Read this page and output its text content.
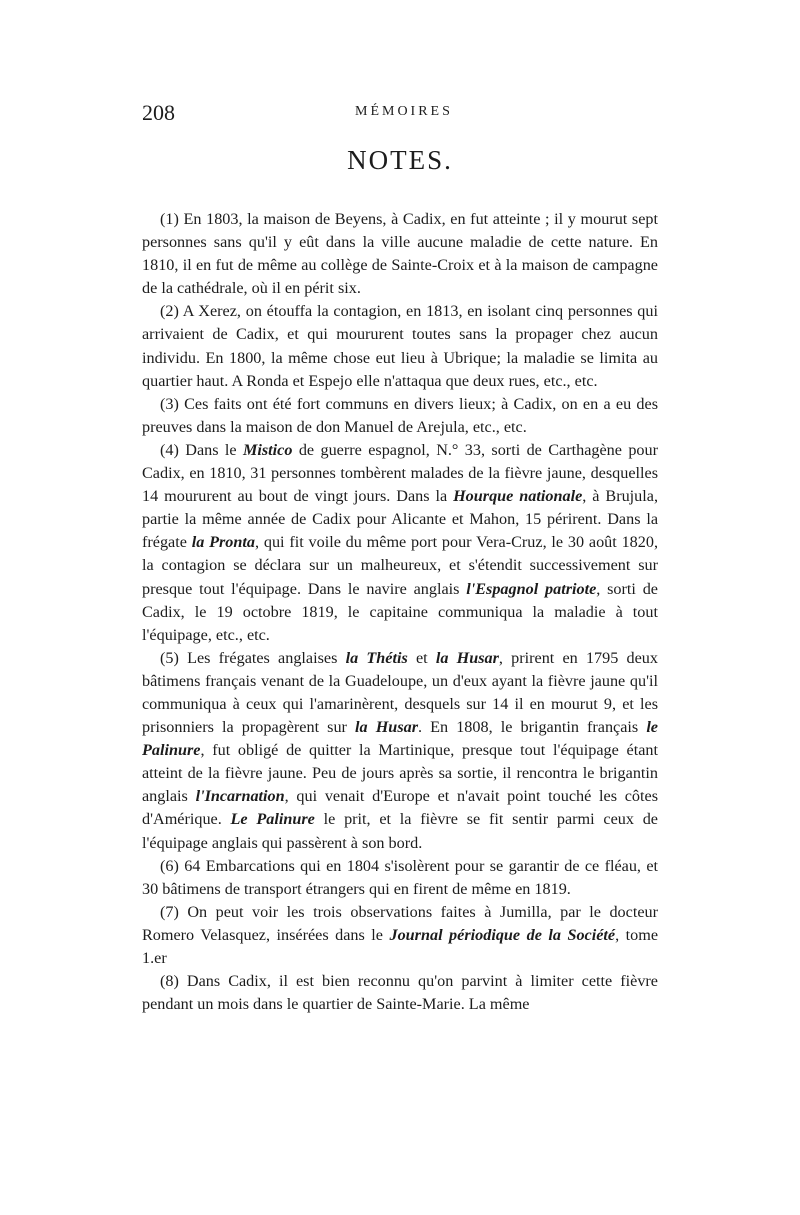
208	MÉMOIRES
NOTES.

(1) En 1803, la maison de Beyens, à Cadix, en fut atteinte ; il y mourut sept personnes sans qu'il y eût dans la ville aucune maladie de cette nature. En 1810, il en fut de même au collège de Sainte-Croix et à la maison de campagne de la cathédrale, où il en périt six.

(2) A Xerez, on étouffa la contagion, en 1813, en isolant cinq personnes qui arrivaient de Cadix, et qui moururent toutes sans la propager chez aucun individu. En 1800, la même chose eut lieu à Ubrique; la maladie se limita au quartier haut. A Ronda et Espejo elle n'attaqua que deux rues, etc., etc.

(3) Ces faits ont été fort communs en divers lieux; à Cadix, on en a eu des preuves dans la maison de don Manuel de Arejula, etc., etc.

(4) Dans le Mistico de guerre espagnol, N.° 33, sorti de Carthagène pour Cadix, en 1810, 31 personnes tombèrent malades de la fièvre jaune, desquelles 14 moururent au bout de vingt jours. Dans la Hourque nationale, à Brujula, partie la même année de Cadix pour Alicante et Mahon, 15 périrent. Dans la frégate la Pronta, qui fit voile du même port pour Vera-Cruz, le 30 août 1820, la contagion se déclara sur un malheureux, et s'étendit successivement sur presque tout l'équipage. Dans le navire anglais l'Espagnol patriote, sorti de Cadix, le 19 octobre 1819, le capitaine communiqua la maladie à tout l'équipage, etc., etc.

(5) Les frégates anglaises la Thétis et la Husar, prirent en 1795 deux bâtimens français venant de la Guadeloupe, un d'eux ayant la fièvre jaune qu'il communiqua à ceux qui l'amarinèrent, desquels sur 14 il en mourut 9, et les prisonniers la propagèrent sur la Husar. En 1808, le brigantin français le Palinure, fut obligé de quitter la Martinique, presque tout l'équipage étant atteint de la fièvre jaune. Peu de jours après sa sortie, il rencontra le brigantin anglais l'Incarnation, qui venait d'Europe et n'avait point touché les côtes d'Amérique. Le Palinure le prit, et la fièvre se fit sentir parmi ceux de l'équipage anglais qui passèrent à son bord.

(6) 64 Embarcations qui en 1804 s'isolèrent pour se garantir de ce fléau, et 30 bâtimens de transport étrangers qui en firent de même en 1819.

(7) On peut voir les trois observations faites à Jumilla, par le docteur Romero Velasquez, insérées dans le Journal périodique de la Société, tome 1.er

(8) Dans Cadix, il est bien reconnu qu'on parvint à limiter cette fièvre pendant un mois dans le quartier de Sainte-Marie. La même
